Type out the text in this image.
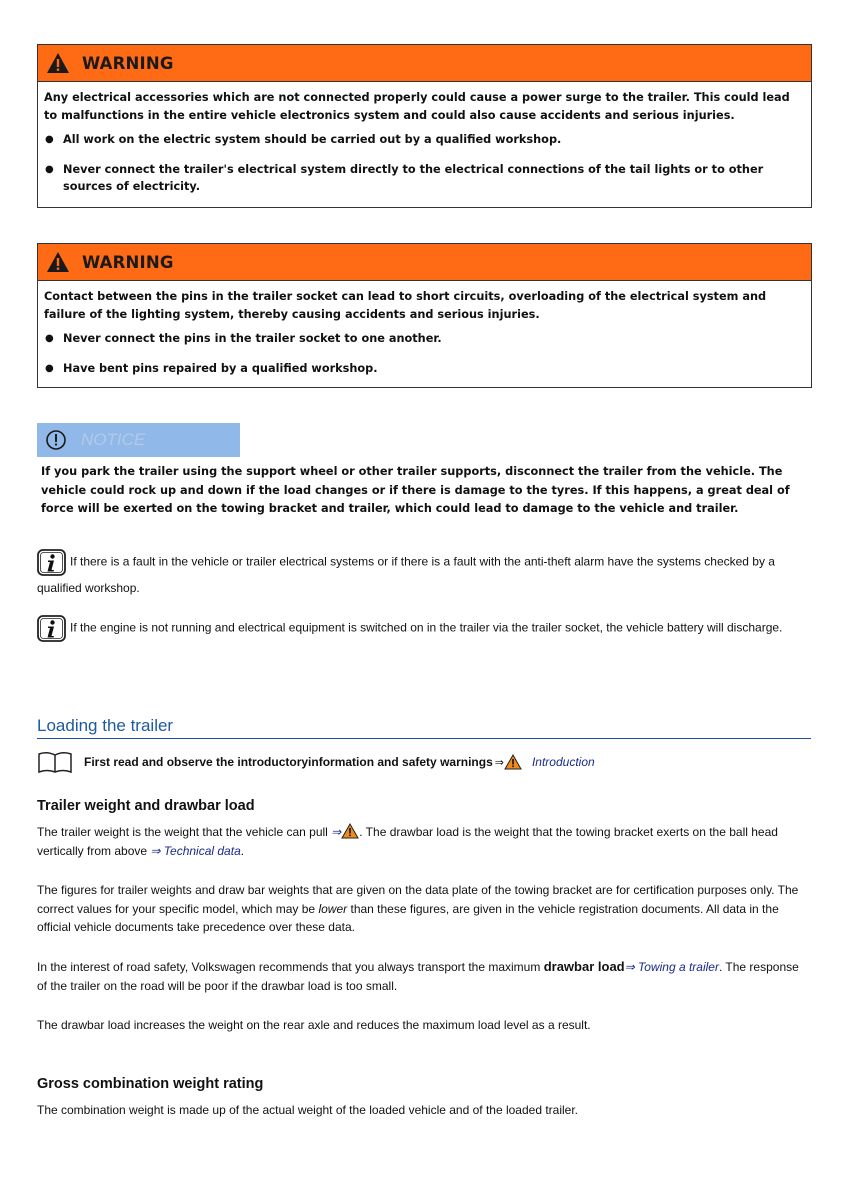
WARNING

Any electrical accessories which are not connected properly could cause a power surge to the trailer. This could lead to malfunctions in the entire vehicle electronics system and could also cause accidents and serious injuries.

● All work on the electric system should be carried out by a qualified workshop.
● Never connect the trailer's electrical system directly to the electrical connections of the tail lights or to other sources of electricity.
WARNING

Contact between the pins in the trailer socket can lead to short circuits, overloading of the electrical system and failure of the lighting system, thereby causing accidents and serious injuries.

● Never connect the pins in the trailer socket to one another.
● Have bent pins repaired by a qualified workshop.
NOTICE
If you park the trailer using the support wheel or other trailer supports, disconnect the trailer from the vehicle. The vehicle could rock up and down if the load changes or if there is damage to the tyres. If this happens, a great deal of force will be exerted on the towing bracket and trailer, which could lead to damage to the vehicle and trailer.
If there is a fault in the vehicle or trailer electrical systems or if there is a fault with the anti-theft alarm have the systems checked by a qualified workshop.
If the engine is not running and electrical equipment is switched on in the trailer via the trailer socket, the vehicle battery will discharge.
Loading the trailer
First read and observe the introductoryinformation and safety warnings ⇒ Introduction
Trailer weight and drawbar load
The trailer weight is the weight that the vehicle can pull ⇒ . The drawbar load is the weight that the towing bracket exerts on the ball head vertically from above ⇒ Technical data.
The figures for trailer weights and draw bar weights that are given on the data plate of the towing bracket are for certification purposes only. The correct values for your specific model, which may be lower than these figures, are given in the vehicle registration documents. All data in the official vehicle documents take precedence over these data.
In the interest of road safety, Volkswagen recommends that you always transport the maximum drawbar load⇒ Towing a trailer. The response of the trailer on the road will be poor if the drawbar load is too small.
The drawbar load increases the weight on the rear axle and reduces the maximum load level as a result.
Gross combination weight rating
The combination weight is made up of the actual weight of the loaded vehicle and of the loaded trailer.
